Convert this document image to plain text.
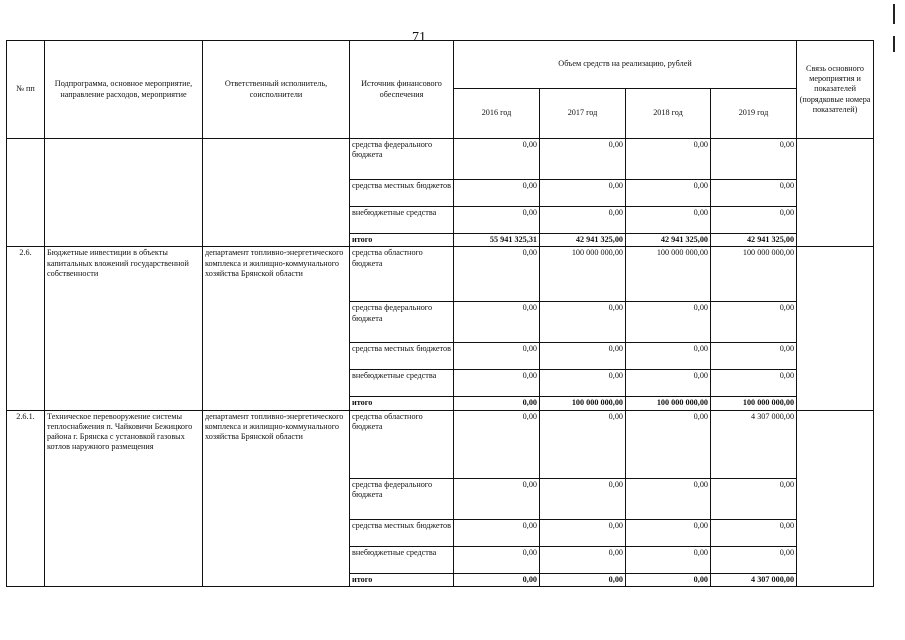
71
№ пп	Подпрограмма, основное мероприятие, направление расходов, мероприятие	Ответственный исполнитель, соисполнители	Источник финансового обеспечения	Объем средств на реализацию, рублей				Связь основного мероприятия и показателей (порядковые номера показателей)
				2016 год	2017 год	2018 год	2019 год	
			средства федерального бюджета	0,00	0,00	0,00	0,00	
			средства местных бюджетов	0,00	0,00	0,00	0,00	
			внебюджетные средства	0,00	0,00	0,00	0,00	
			итого	55 941 325,31	42 941 325,00	42 941 325,00	42 941 325,00	
2.6.	Бюджетные инвестиции в объекты капитальных вложений государственной собственности	департамент топливно-энергетического комплекса и жилищно-коммунального хозяйства Брянской области	средства областного бюджета	0,00	100 000 000,00	100 000 000,00	100 000 000,00	
			средства федерального бюджета	0,00	0,00	0,00	0,00	
			средства местных бюджетов	0,00	0,00	0,00	0,00	
			внебюджетные средства	0,00	0,00	0,00	0,00	
			итого	0,00	100 000 000,00	100 000 000,00	100 000 000,00	
2.6.1.	Техническое перевооружение системы теплоснабжения п. Чайковичи Бежицкого района г. Брянска с установкой газовых котлов наружного размещения	департамент топливно-энергетического комплекса и жилищно-коммунального хозяйства Брянской области	средства областного бюджета	0,00	0,00	0,00	4 307 000,00	
			средства федерального бюджета	0,00	0,00	0,00	0,00	
			средства местных бюджетов	0,00	0,00	0,00	0,00	
			внебюджетные средства	0,00	0,00	0,00	0,00	
			итого	0,00	0,00	0,00	4 307 000,00	
